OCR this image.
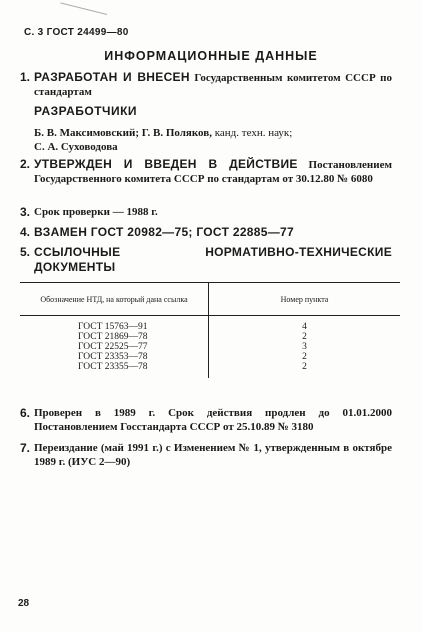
С. 3 ГОСТ 24499—80
ИНФОРМАЦИОННЫЕ ДАННЫЕ
1. РАЗРАБОТАН И ВНЕСЕН Государственным комитетом СССР по стандартам
РАЗРАБОТЧИКИ
Б. В. Максимовский; Г. В. Поляков, канд. техн. наук;
С. А. Суховодова
2. УТВЕРЖДЕН И ВВЕДЕН В ДЕЙСТВИЕ Постановлением Государственного комитета СССР по стандартам от 30.12.80 № 6080
3. Срок проверки — 1988 г.
4. ВЗАМЕН ГОСТ 20982—75; ГОСТ 22885—77
5. ССЫЛОЧНЫЕ НОРМАТИВНО-ТЕХНИЧЕСКИЕ ДОКУМЕНТЫ
Обозначение НТД, на который дана ссылка	Номер пункта
ГОСТ 15763—91	4
ГОСТ 21869—78	2
ГОСТ 22525—77	3
ГОСТ 23353—78	2
ГОСТ 23355—78	2
6. Проверен в 1989 г. Срок действия продлен до 01.01.2000 Постановлением Госстандарта СССР от 25.10.89 № 3180
7. Переиздание (май 1991 г.) с Изменением № 1, утвержденным в октябре 1989 г. (ИУС 2—90)
28
